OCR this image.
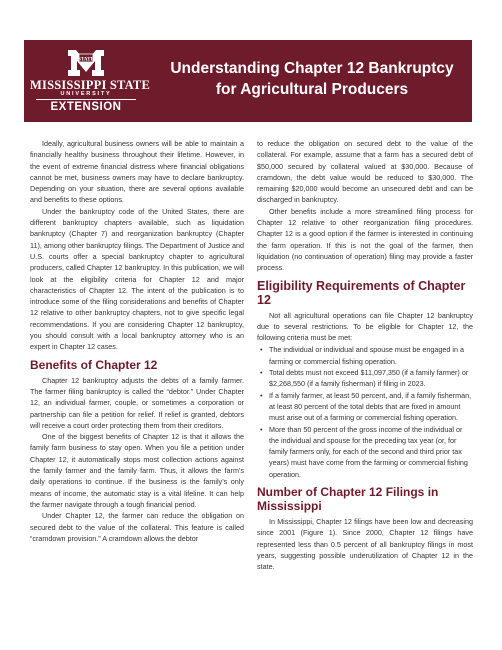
STATE
MISSISSIPPI STATE
UNIVERSITY
EXTENSION
Understanding Chapter 12 Bankruptcy
for Agricultural Producers

Ideally, agricultural business owners will be able to maintain a financially healthy business throughout their lifetime. However, in the event of extreme financial distress where financial obligations cannot be met, business owners may have to declare bankruptcy. Depending on your situation, there are several options available and benefits to these options.

Under the bankruptcy code of the United States, there are different bankruptcy chapters available, such as liquidation bankruptcy (Chapter 7) and reorganization bankruptcy (Chapter 11), among other bankruptcy filings. The Department of Justice and U.S. courts offer a special bankruptcy chapter to agricultural producers, called Chapter 12 bankruptcy. In this publication, we will look at the eligibility criteria for Chapter 12 and major characteristics of Chapter 12. The intent of the publication is to introduce some of the filing considerations and benefits of Chapter 12 relative to other bankruptcy chapters, not to give specific legal recommendations. If you are considering Chapter 12 bankruptcy, you should consult with a local bankruptcy attorney who is an expert in Chapter 12 cases.

Benefits of Chapter 12

Chapter 12 bankruptcy adjusts the debts of a family farmer. The farmer filing bankruptcy is called the “debtor.” Under Chapter 12, an individual farmer, couple, or sometimes a corporation or partnership can file a petition for relief. If relief is granted, debtors will receive a court order protecting them from their creditors.

One of the biggest benefits of Chapter 12 is that it allows the family farm business to stay open. When you file a petition under Chapter 12, it automatically stops most collection actions against the family farmer and the family farm. Thus, it allows the farm’s daily operations to continue. If the business is the family’s only means of income, the automatic stay is a vital lifeline. It can help the farmer navigate through a tough financial period.

Under Chapter 12, the farmer can reduce the obligation on secured debt to the value of the collateral. This feature is called “cramdown provision.” A cramdown allows the debtor

to reduce the obligation on secured debt to the value of the collateral. For example, assume that a farm has a secured debt of $50,000 secured by collateral valued at $30,000. Because of cramdown, the debt value would be reduced to $30,000. The remaining $20,000 would become an unsecured debt and can be discharged in bankruptcy.

Other benefits include a more streamlined filing process for Chapter 12 relative to other reorganization filing procedures. Chapter 12 is a good option if the farmer is interested in continuing the farm operation. If this is not the goal of the farmer, then liquidation (no continuation of operation) filing may provide a faster process.

Eligibility Requirements of Chapter 12

Not all agricultural operations can file Chapter 12 bankruptcy due to several restrictions. To be eligible for Chapter 12, the following criteria must be met:

• The individual or individual and spouse must be engaged in a farming or commercial fishing operation.
• Total debts must not exceed $11,097,350 (if a family farmer) or $2,268,550 (if a family fisherman) if filing in 2023.
• If a family farmer, at least 50 percent, and, if a family fisherman, at least 80 percent of the total debts that are fixed in amount must arise out of a farming or commercial fishing operation.
• More than 50 percent of the gross income of the individual or the individual and spouse for the preceding tax year (or, for family farmers only, for each of the second and third prior tax years) must have come from the farming or commercial fishing operation.
Number of Chapter 12 Filings in Mississippi

In Mississippi, Chapter 12 filings have been low and decreasing since 2001 (Figure 1). Since 2000, Chapter 12 filings have represented less than 0.5 percent of all bankruptcy filings in most years, suggesting possible underutilization of Chapter 12 in the state.
